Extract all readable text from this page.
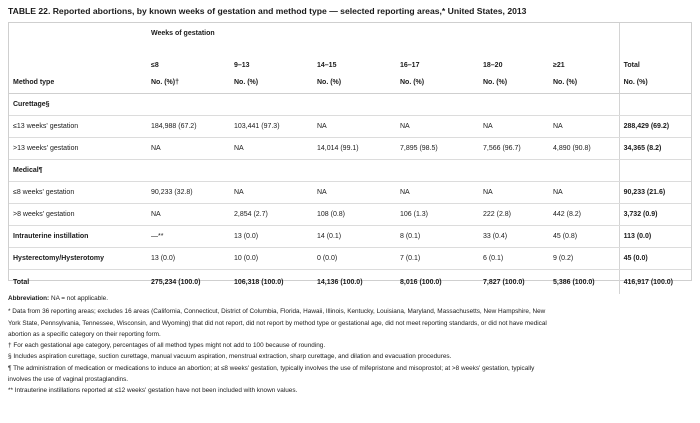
TABLE 22. Reported abortions, by known weeks of gestation and method type — selected reporting areas,* United States, 2013
	Weeks of gestation						
	≤8	9–13	14–15	16–17	18–20	≥21	Total
Method type	No. (%)†	No. (%)	No. (%)	No. (%)	No. (%)	No. (%)	No. (%)
Curettage§							
≤13 weeks' gestation	184,988 (67.2)	103,441 (97.3)	NA	NA	NA	NA	288,429 (69.2)
>13 weeks' gestation	NA	NA	14,014 (99.1)	7,895 (98.5)	7,566 (96.7)	4,890 (90.8)	34,365 (8.2)
Medical¶							
≤8 weeks' gestation	90,233 (32.8)	NA	NA	NA	NA	NA	90,233 (21.6)
>8 weeks' gestation	NA	2,854 (2.7)	108 (0.8)	106 (1.3)	222 (2.8)	442 (8.2)	3,732 (0.9)
Intrauterine instillation	—**	13 (0.0)	14 (0.1)	8 (0.1)	33 (0.4)	45 (0.8)	113 (0.0)
Hysterectomy/Hysterotomy	13 (0.0)	10 (0.0)	0 (0.0)	7 (0.1)	6 (0.1)	9 (0.2)	45 (0.0)
Total	275,234 (100.0)	106,318 (100.0)	14,136 (100.0)	8,016 (100.0)	7,827 (100.0)	5,386 (100.0)	416,917 (100.0)

Abbreviation: NA = not applicable.

* Data from 36 reporting areas; excludes 16 areas (California, Connecticut, District of Columbia, Florida, Hawaii, Illinois, Kentucky, Louisiana, Maryland, Massachusetts, New Hampshire, New

York State, Pennsylvania, Tennessee, Wisconsin, and Wyoming) that did not report, did not report by method type or gestational age, did not meet reporting standards, or did not have medical

abortion as a specific category on their reporting form.

† For each gestational age category, percentages of all method types might not add to 100 because of rounding.

§ Includes aspiration curettage, suction curettage, manual vacuum aspiration, menstrual extraction, sharp curettage, and dilation and evacuation procedures.

¶ The administration of medication or medications to induce an abortion; at ≤8 weeks' gestation, typically involves the use of mifepristone and misoprostol; at >8 weeks' gestation, typically

involves the use of vaginal prostaglandins.

** Intrauterine instillations reported at ≤12 weeks' gestation have not been included with known values.
